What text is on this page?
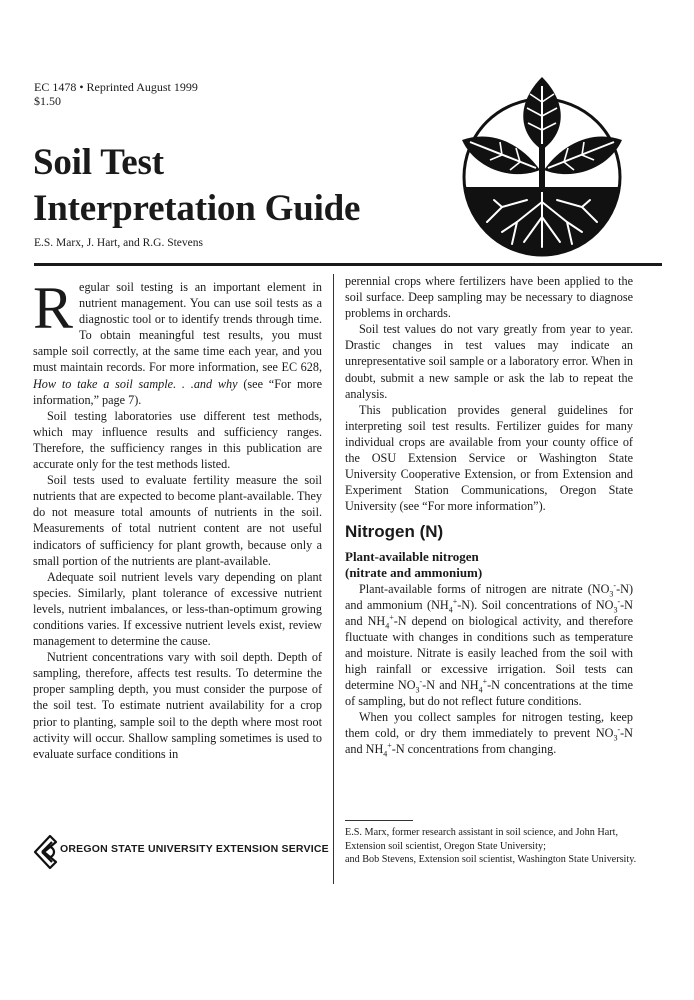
EC 1478 • Reprinted August 1999
$1.50
Soil Test
Interpretation Guide
E.S. Marx, J. Hart, and R.G. Stevens

Regular soil testing is an important element in nutrient management. You can use soil tests as a diagnostic tool or to identify trends through time. To obtain meaningful test results, you must sample soil correctly, at the same time each year, and you must maintain records. For more information, see EC 628, How to take a soil sample. . .and why (see “For more information,” page 7).

Soil testing laboratories use different test methods, which may influence results and sufficiency ranges. Therefore, the sufficiency ranges in this publication are accurate only for the test methods listed.

Soil tests used to evaluate fertility measure the soil nutrients that are expected to become plant-available. They do not measure total amounts of nutrients in the soil. Measurements of total nutrient content are not useful indicators of sufficiency for plant growth, because only a small portion of the nutrients are plant-available.

Adequate soil nutrient levels vary depending on plant species. Similarly, plant tolerance of excessive nutrient levels, nutrient imbalances, or less-than-optimum growing conditions varies. If excessive nutrient levels exist, review management to determine the cause.

Nutrient concentrations vary with soil depth. Depth of sampling, therefore, affects test results. To determine the proper sampling depth, you must consider the purpose of the soil test. To estimate nutrient availability for a crop prior to planting, sample soil to the depth where most root activity will occur. Shallow sampling sometimes is used to evaluate surface conditions in

perennial crops where fertilizers have been applied to the soil surface. Deep sampling may be necessary to diagnose problems in orchards.

Soil test values do not vary greatly from year to year. Drastic changes in test values may indicate an unrepresentative soil sample or a laboratory error. When in doubt, submit a new sample or ask the lab to repeat the analysis.

This publication provides general guidelines for interpreting soil test results. Fertilizer guides for many individual crops are available from your county office of the OSU Extension Service or Washington State University Cooperative Extension, or from Extension and Experiment Station Communications, Oregon State University (see “For more information”).

Nitrogen (N)
Plant-available nitrogen
(nitrate and ammonium)

Plant-available forms of nitrogen are nitrate $(NO_3^--N)$ and ammonium $(NH_4^+-N)$. Soil concentrations of $NO_3^--N$ and $NH_4^+-N$ depend on biological activity, and therefore fluctuate with changes in conditions such as temperature and moisture. Nitrate is easily leached from the soil with high rainfall or excessive irrigation. Soil tests can determine $NO_3^--N$ and $NH_4^+-N$ concentrations at the time of sampling, but do not reflect future conditions.

When you collect samples for nitrogen testing, keep them cold, or dry them immediately to prevent $NO_3^--N$ and $NH_4^+-N$ concentrations from changing.

E.S. Marx, former research assistant in soil science, and John Hart, Extension soil scientist, Oregon State University;
and Bob Stevens, Extension soil scientist, Washington State University.
OREGON STATE UNIVERSITY EXTENSION SERVICE
